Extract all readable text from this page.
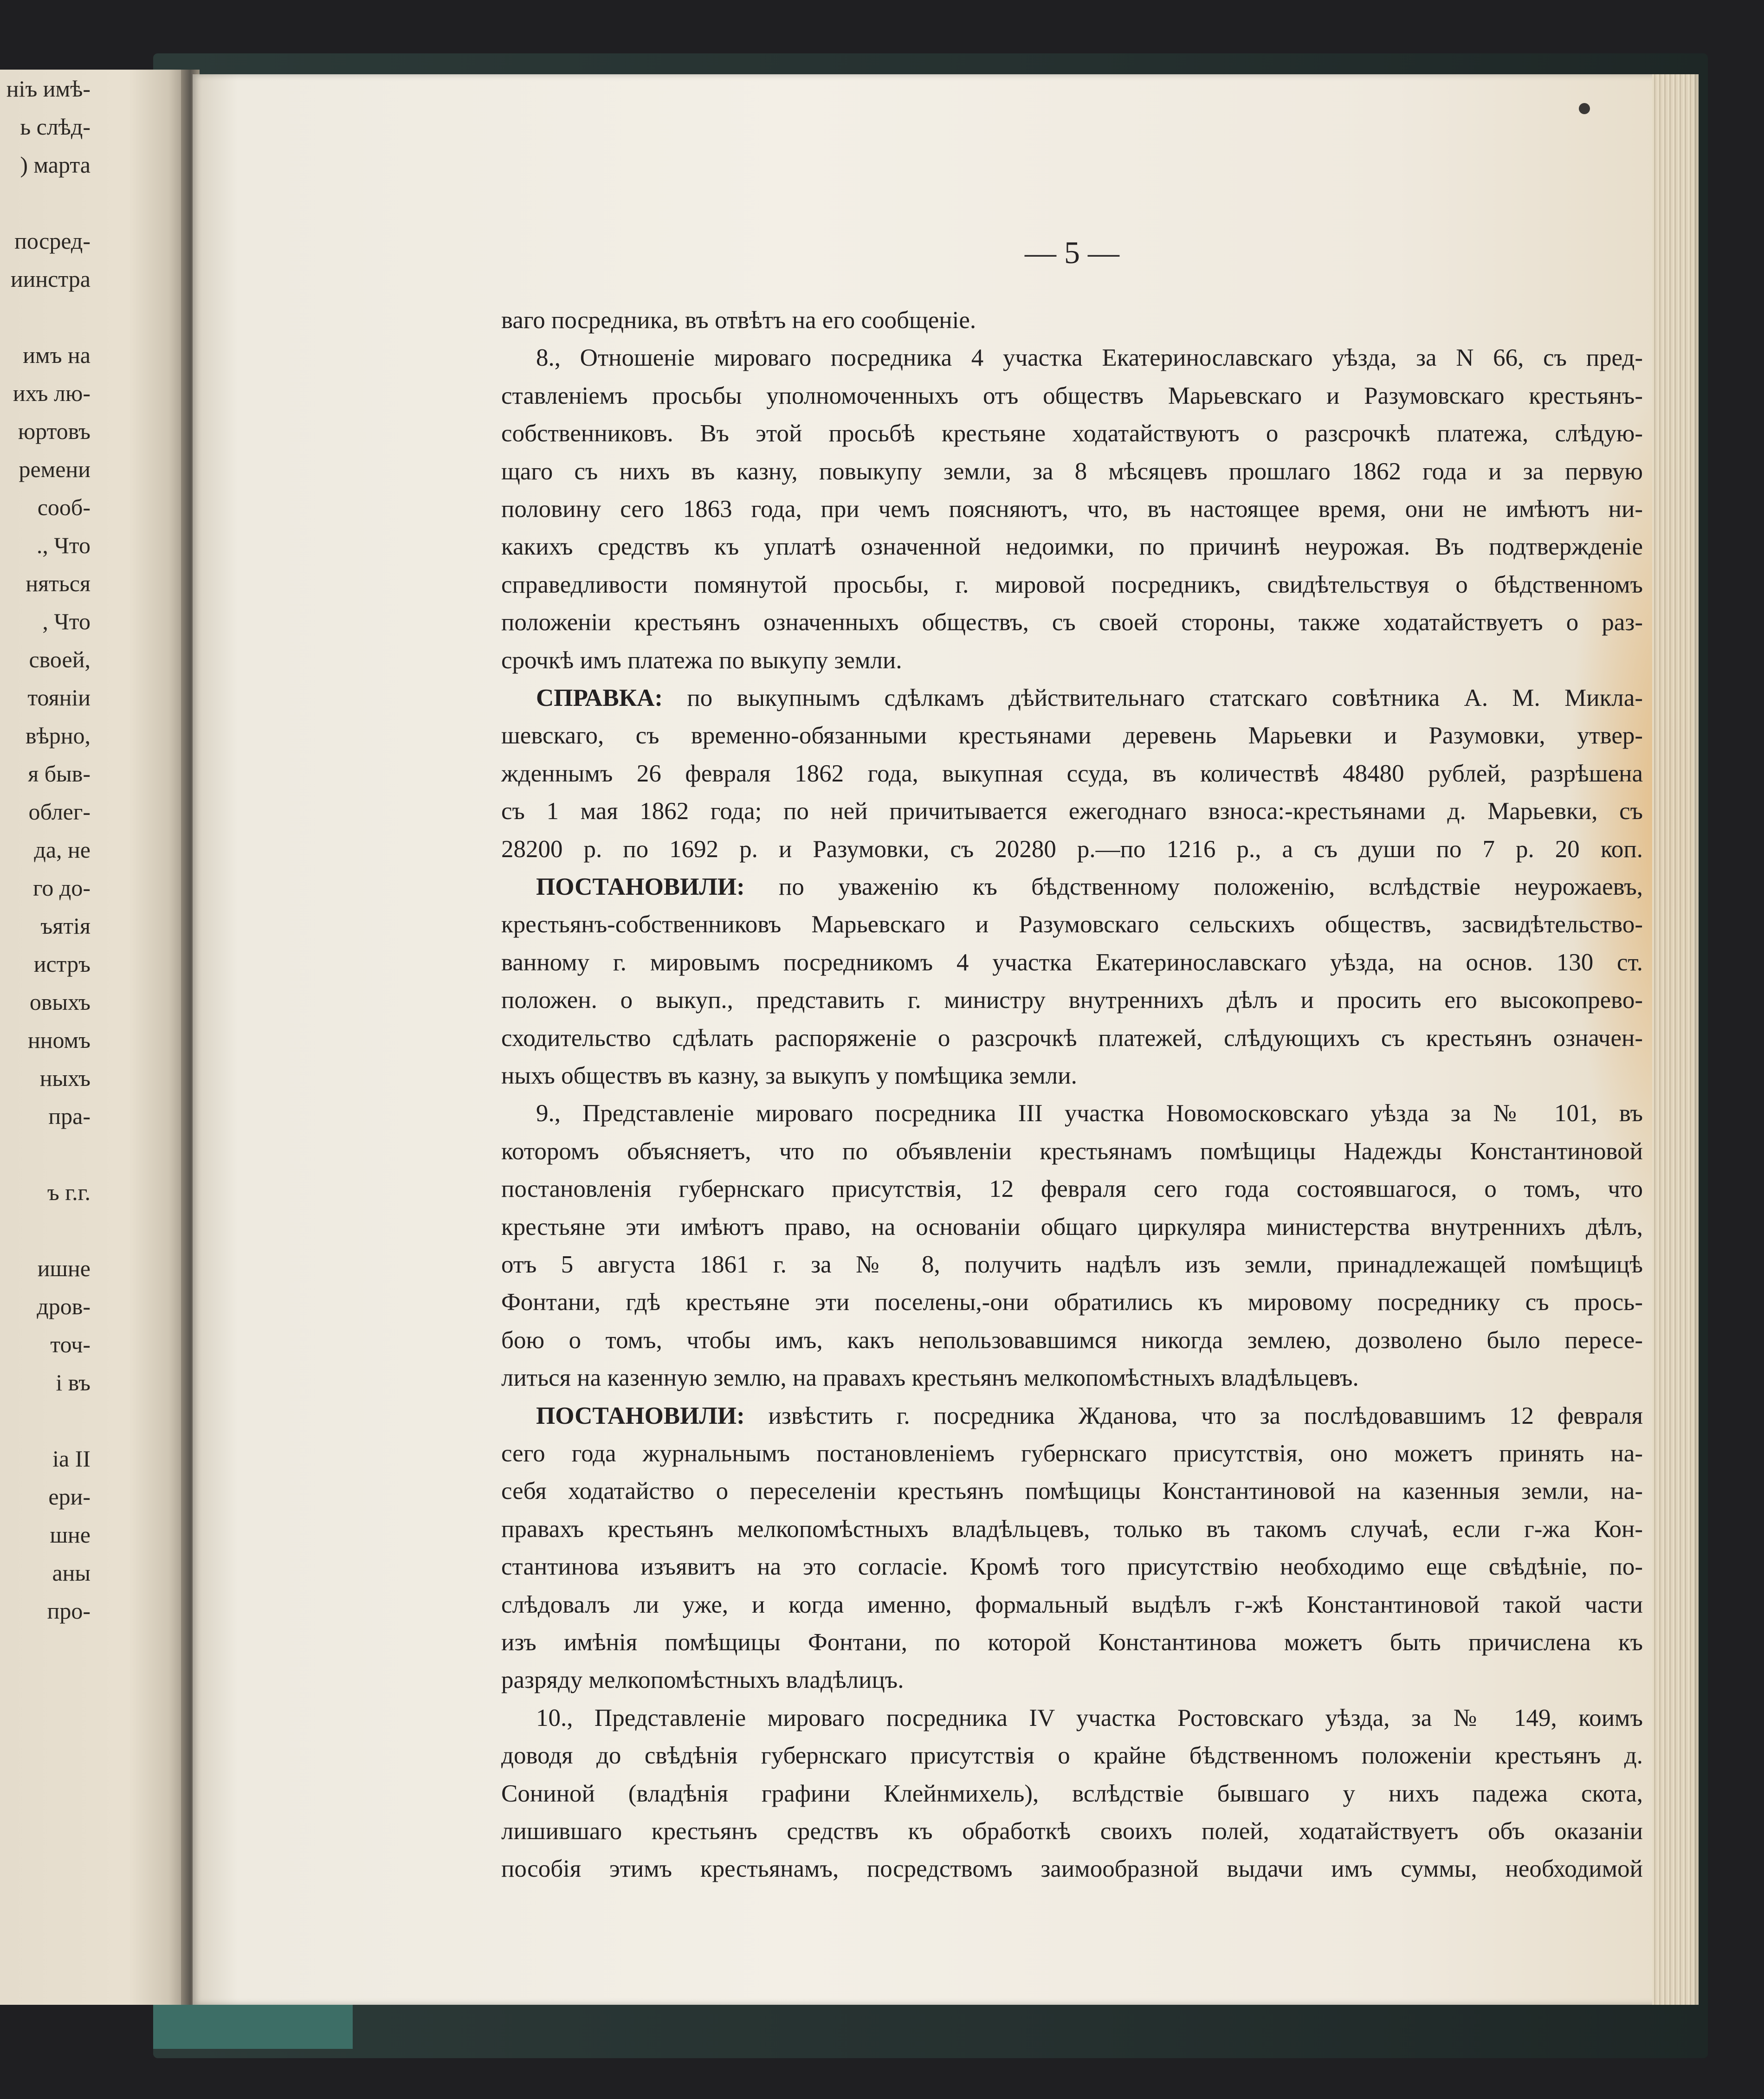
ніъ имѣ-
ь слѣд-
) марта
посред-
иинстра
имъ на
ихъ лю-
юртовъ
ремени
сооб-
., Что
няться
, Что
своей,
тояніи
вѣрно,
я быв-
облег-
да, не
го до-
ъятія
истръ
овыхъ
нномъ
ныхъ
пра-
ъ г.г.
ишне
дров-
точ-
і въ
іа II
ери-
шне
аны
про-
— 5 —
ваго посредника, въ отвѣтъ на его сообщеніе.
8., Отношеніе мироваго посредника 4 участка Екатеринославскаго уѣзда, за N 66, съ пред-
ставленіемъ просьбы уполномоченныхъ отъ обществъ Марьевскаго и Разумовскаго крестьянъ-
собственниковъ. Въ этой просьбѣ крестьяне ходатайствуютъ о разсрочкѣ платежа, слѣдую-
щаго съ нихъ въ казну, повыкупу земли, за 8 мѣсяцевъ прошлаго 1862 года и за первую
половину сего 1863 года, при чемъ поясняютъ, что, въ настоящее время, они не имѣютъ ни-
какихъ средствъ къ уплатѣ означенной недоимки, по причинѣ неурожая. Въ подтвержденіе
справедливости помянутой просьбы, г. мировой посредникъ, свидѣтельствуя о бѣдственномъ
положеніи крестьянъ означенныхъ обществъ, съ своей стороны, также ходатайствуетъ о раз-
срочкѣ имъ платежа по выкупу земли.
СПРАВКА: по выкупнымъ сдѣлкамъ дѣйствительнаго статскаго совѣтника А. М. Микла-
шевскаго, съ временно-обязанными крестьянами деревень Марьевки и Разумовки, утвер-
жденнымъ 26 февраля 1862 года, выкупная ссуда, въ количествѣ 48480 рублей, разрѣшена
съ 1 мая 1862 года; по ней причитывается ежегоднаго взноса:-крестьянами д. Марьевки, съ
28200 р. по 1692 р. и Разумовки, съ 20280 р.—по 1216 р., а съ души по 7 р. 20 коп.
ПОСТАНОВИЛИ: по уваженію къ бѣдственному положенію, вслѣдствіе неурожаевъ,
крестьянъ-собственниковъ Марьевскаго и Разумовскаго сельскихъ обществъ, засвидѣтельство-
ванному г. мировымъ посредникомъ 4 участка Екатеринославскаго уѣзда, на основ. 130 ст.
положен. о выкуп., представить г. министру внутреннихъ дѣлъ и просить его высокопрево-
сходительство сдѣлать распоряженіе о разсрочкѣ платежей, слѣдующихъ съ крестьянъ означен-
ныхъ обществъ въ казну, за выкупъ у помѣщика земли.
9., Представленіе мироваго посредника III участка Новомосковскаго уѣзда за № 101, въ
которомъ объясняетъ, что по объявленіи крестьянамъ помѣщицы Надежды Константиновой
постановленія губернскаго присутствія, 12 февраля сего года состоявшагося, о томъ, что
крестьяне эти имѣютъ право, на основаніи общаго циркуляра министерства внутреннихъ дѣлъ,
отъ 5 августа 1861 г. за № 8, получить надѣлъ изъ земли, принадлежащей помѣщицѣ
Фонтани, гдѣ крестьяне эти поселены,-они обратились къ мировому посреднику съ прось-
бою о томъ, чтобы имъ, какъ непользовавшимся никогда землею, дозволено было пересе-
литься на казенную землю, на правахъ крестьянъ мелкопомѣстныхъ владѣльцевъ.
ПОСТАНОВИЛИ: извѣстить г. посредника Жданова, что за послѣдовавшимъ 12 февраля
сего года журнальнымъ постановленіемъ губернскаго присутствія, оно можетъ принять на-
себя ходатайство о переселеніи крестьянъ помѣщицы Константиновой на казенныя земли, на-
правахъ крестьянъ мелкопомѣстныхъ владѣльцевъ, только въ такомъ случаѣ, если г-жа Кон-
стантинова изъявитъ на это согласіе. Кромѣ того присутствію необходимо еще свѣдѣніе, по-
слѣдовалъ ли уже, и когда именно, формальный выдѣлъ г-жѣ Константиновой такой части
изъ имѣнія помѣщицы Фонтани, по которой Константинова можетъ быть причислена къ
разряду мелкопомѣстныхъ владѣлицъ.
10., Представленіе мироваго посредника IV участка Ростовскаго уѣзда, за № 149, коимъ
доводя до свѣдѣнія губернскаго присутствія о крайне бѣдственномъ положеніи крестьянъ д.
Сониной (владѣнія графини Клейнмихель), вслѣдствіе бывшаго у нихъ падежа скота,
лишившаго крестьянъ средствъ къ обработкѣ своихъ полей, ходатайствуетъ объ оказаніи
пособія этимъ крестьянамъ, посредствомъ заимообразной выдачи имъ суммы, необходимой
